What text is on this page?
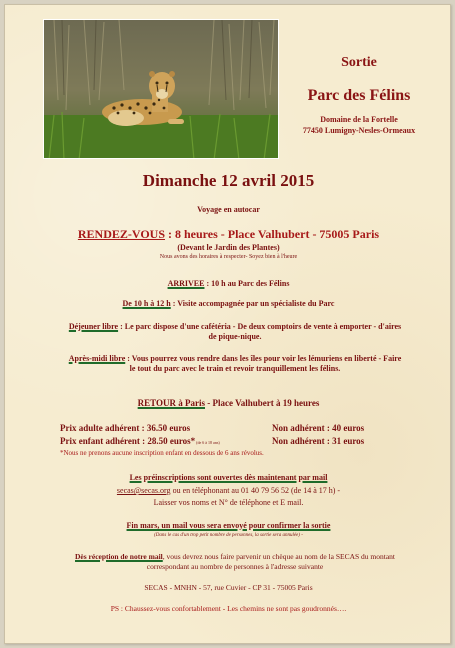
Sortie
Parc des Félins
Domaine de la Fortelle
77450 Lumigny-Nesles-Ormeaux
Dimanche 12 avril 2015
Voyage en autocar
RENDEZ-VOUS : 8 heures - Place Valhubert - 75005 Paris
(Devant le Jardin des Plantes)
Nous avons des horaires à respecter- Soyez bien à l'heure
ARRIVEE : 10 h au Parc des Félins
De 10 h à 12 h : Visite accompagnée par un spécialiste du Parc
Déjeuner libre : Le parc dispose d'une cafétéria - De deux comptoirs de vente à emporter - d'aires de pique-nique.
Après-midi libre : Vous pourrez vous rendre dans les îles pour voir les lémuriens en liberté - Faire le tout du parc avec le train et revoir tranquillement les félins.
RETOUR à Paris - Place Valhubert à 19 heures
Prix adulte adhérent : 36.50 euros	Non adhérent : 40 euros
Prix enfant adhérent : 28.50 euros* (de 6 à 18 ans)	Non adhérent : 31 euros
*Nous ne prenons aucune inscription enfant en dessous de 6 ans révolus.
Les préinscriptions sont ouvertes dès maintenant par mail
secas@secas.org ou en téléphonant au 01 40 79 56 52 (de 14 à 17 h) -
Laisser vos noms et N° de téléphone et E mail.
Fin mars, un mail vous sera envoyé pour confirmer la sortie
(Dans le cas d'un trop petit nombre de personnes, la sortie sera annulée) -
Dès réception de notre mail, vous devrez nous faire parvenir un chèque au nom de la SECAS du montant correspondant au nombre de personnes à l'adresse suivante
SECAS - MNHN - 57, rue Cuvier - CP 31 - 75005 Paris
PS : Chaussez-vous confortablement - Les chemins ne sont pas goudronnés….
